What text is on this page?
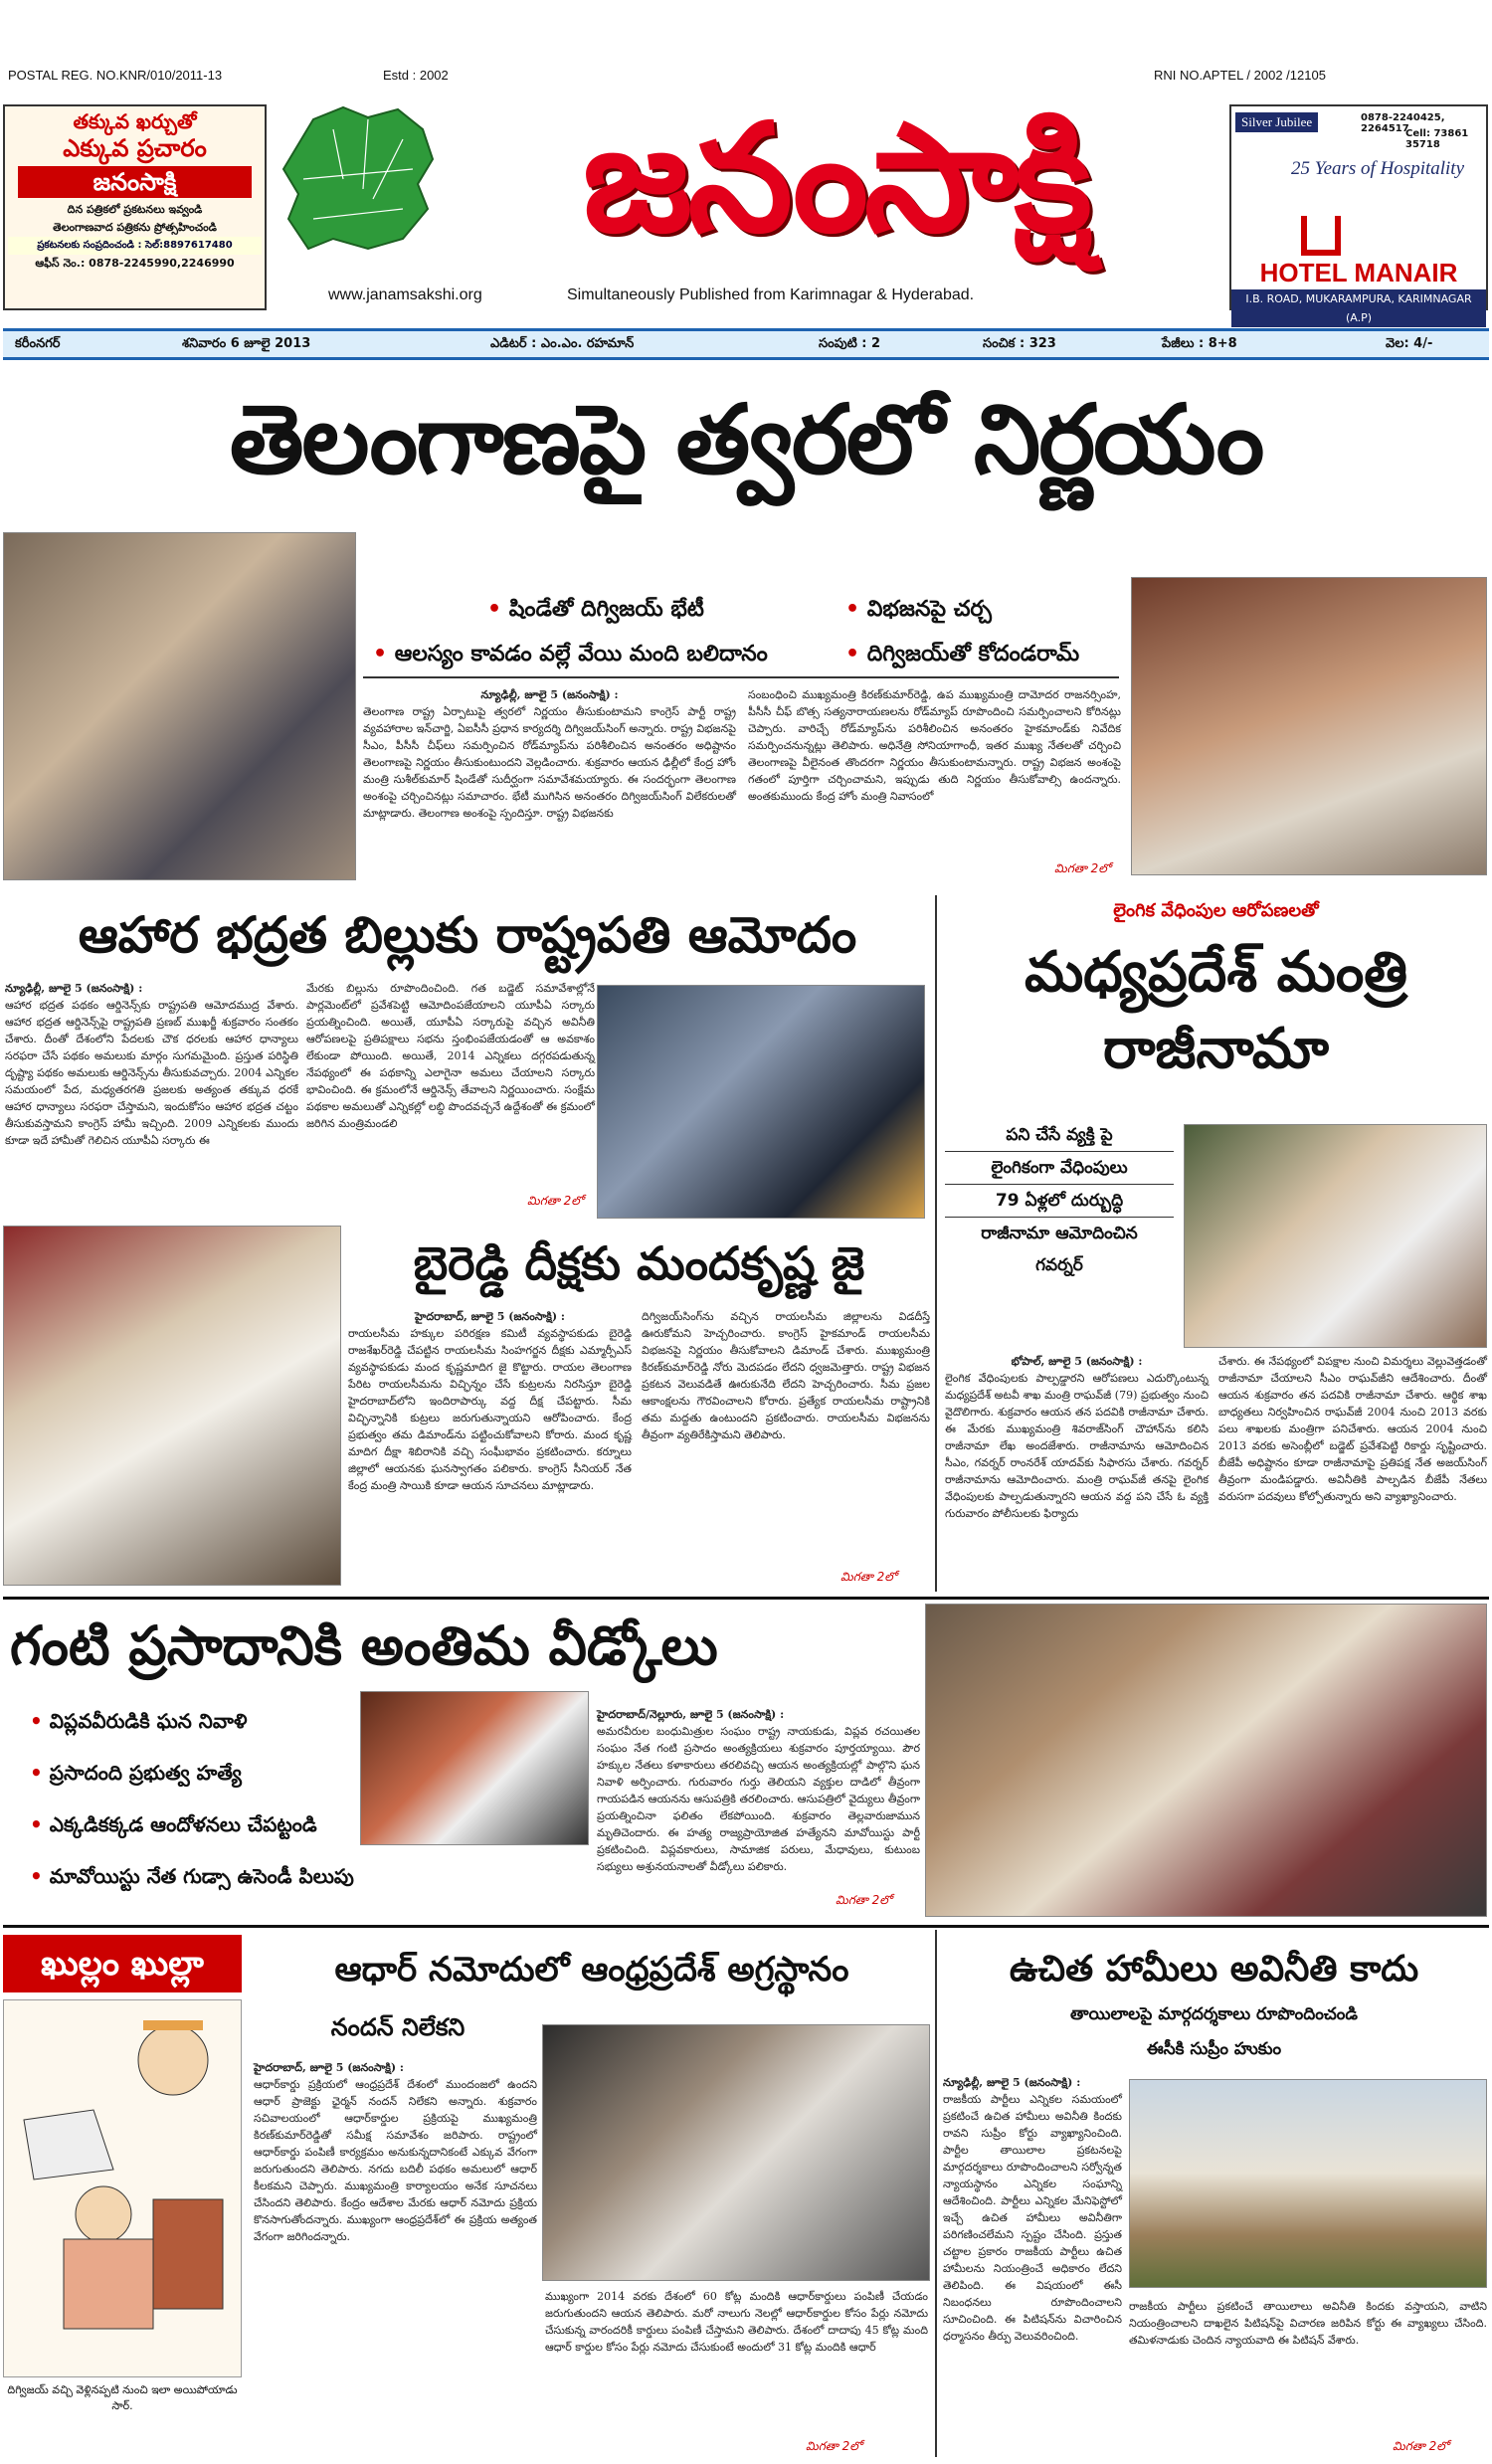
POSTAL REG. NO.KNR/010/2011-13	Estd : 2002	RNI NO.APTEL / 2002 /12105
తక్కువ ఖర్చుతో
ఎక్కువ ప్రచారం
జనంసాక్షి
దిన పత్రికలో ప్రకటనలు ఇవ్వండి
తెలంగాణవాద పత్రికను ప్రోత్సహించండి
ప్రకటనలకు సంప్రదించండి : సెల్:8897617480
ఆఫీస్ నెం.: 0878-2245990,2246990	జనంసాక్షి
www.janamsakshi.org	Simultaneously Published from Karimnagar & Hyderabad.
Silver Jubilee	0878-2240425, 2264517
Cell: 73861 35718
25 Years of Hospitality
HOTEL MANAIR
I.B. ROAD, MUKARAMPURA, KARIMNAGAR (A.P)
కరీంనగర్	శనివారం 6 జూలై 2013	ఎడిటర్ : ఎం.ఎం. రహమాన్	సంపుటి : 2	సంచిక : 323	పేజీలు : 8+8	వెల: 4/-
తెలంగాణపై త్వరలో నిర్ణయం
• షిండేతో దిగ్విజయ్ భేటీ	• విభజనపై చర్చ
• ఆలస్యం కావడం వల్లే వేయి మంది బలిదానం	• దిగ్విజయ్‌తో కోదండరామ్
న్యూఢిల్లీ, జూలై 5 (జనంసాక్షి) :
తెలంగాణ రాష్ట్ర ఏర్పాటుపై త్వరలో నిర్ణయం తీసుకుంటామని కాంగ్రెస్ పార్టీ రాష్ట్ర వ్యవహారాల ఇన్‌చార్జి, ఏఐసీసీ ప్రధాన కార్యదర్శి దిగ్విజయ్‌సింగ్ అన్నారు. రాష్ట్ర విభజనపై సీఎం, పీసీసీ చీఫ్‌లు సమర్పించిన రోడ్‌మ్యాప్‌ను పరిశీలించిన అనంతరం అధిష్టానం తెలంగాణపై నిర్ణయం తీసుకుంటుందని వెల్లడించారు. శుక్రవారం ఆయన ఢిల్లీలో కేంద్ర హోం మంత్రి సుశీల్‌కుమార్ షిండేతో సుదీర్ఘంగా సమావేశమయ్యారు. ఈ సందర్భంగా తెలంగాణ అంశంపై చర్చించినట్లు సమాచారం. భేటీ ముగిసిన అనంతరం దిగ్విజయ్‌సింగ్ విలేకరులతో మాట్లాడారు. తెలంగాణ అంశంపై స్పందిస్తూ. రాష్ట్ర విభజనకు
సంబంధించి ముఖ్యమంత్రి కిరణ్‌కుమార్‌రెడ్డి, ఉప ముఖ్యమంత్రి దామోదర రాజనర్సింహ, పీసీసీ చీఫ్ బొత్స సత్యనారాయణలను రోడ్‌మ్యాప్ రూపొందించి సమర్పించాలని కోరినట్లు చెప్పారు. వారిచ్చే రోడ్‌మ్యాప్‌ను పరిశీలించిన అనంతరం హైకమాండ్‌కు నివేదిక సమర్పించనున్నట్లు తెలిపారు. అధినేత్రి సోనియాగాంధీ, ఇతర ముఖ్య నేతలతో చర్చించి తెలంగాణపై వీలైనంత తొందరగా నిర్ణయం తీసుకుంటామన్నారు. రాష్ట్ర విభజన అంశంపై గతంలో పూర్తిగా చర్చించామని, ఇప్పుడు తుది నిర్ణయం తీసుకోవాల్సి ఉందన్నారు. అంతకుముందు కేంద్ర హోం మంత్రి నివాసంలో
మిగతా 2లో
ఆహార భద్రత బిల్లుకు రాష్ట్రపతి ఆమోదం
న్యూఢిల్లీ, జూలై 5 (జనంసాక్షి) :
ఆహార భద్రత పథకం ఆర్డినెన్స్‌కు రాష్ట్రపతి ఆమోదముద్ర వేశారు. ఆహార భద్రత ఆర్డినెన్స్‌పై రాష్ట్రపతి ప్రణబ్ ముఖర్జీ శుక్రవారం సంతకం చేశారు. దీంతో దేశంలోని పేదలకు చౌక ధరలకు ఆహార ధాన్యాలు సరఫరా చేసే పథకం అమలుకు మార్గం సుగమమైంది. ప్రస్తుత పరిస్థితి దృష్ట్యా పథకం అమలుకు ఆర్డినెన్స్‌ను తీసుకువచ్చారు. 2004 ఎన్నికల సమయంలో పేద, మధ్యతరగతి ప్రజలకు అత్యంత తక్కువ ధరకే ఆహార ధాన్యాలు సరఫరా చేస్తామని, ఇందుకోసం ఆహార భద్రత చట్టం తీసుకువస్తామని కాంగ్రెస్ హామీ ఇచ్చింది. 2009 ఎన్నికలకు ముందు కూడా ఇదే హామీతో గెలిచిన యూపీఏ సర్కారు ఈ
మేరకు బిల్లును రూపొందించింది. గత బడ్జెట్ సమావేశాల్లోనే పార్లమెంట్‌లో ప్రవేశపెట్టి ఆమోదింపజేయాలని యూపీఏ సర్కారు ప్రయత్నించింది. అయితే, యూపీఏ సర్కారుపై వచ్చిన అవినీతి ఆరోపణలపై ప్రతిపక్షాలు సభను స్తంభింపజేయడంతో ఆ అవకాశం లేకుండా పోయింది. అయితే, 2014 ఎన్నికలు దగ్గరపడుతున్న నేపథ్యంలో ఈ పథకాన్ని ఎలాగైనా అమలు చేయాలని సర్కారు భావించింది. ఈ క్రమంలోనే ఆర్డినెన్స్ తేవాలని నిర్ణయించారు. సంక్షేమ పథకాల అమలుతో ఎన్నికల్లో లబ్ధి పొందవచ్చనే ఉద్దేశంతో ఈ క్రమంలో జరిగిన మంత్రిమండలి
మిగతా 2లో
లైంగిక వేధింపుల ఆరోపణలతో
మధ్యప్రదేశ్ మంత్రి
రాజీనామా
పని చేసే వ్యక్తి పై
లైంగికంగా వేధింపులు
79 ఏళ్లలో దుర్బుద్ధి
రాజీనామా ఆమోదించిన
గవర్నర్
భోపాల్, జూలై 5 (జనంసాక్షి) :
లైంగిక వేధింపులకు పాల్పడ్డారని ఆరోపణలు ఎదుర్కొంటున్న మధ్యప్రదేశ్ అటవీ శాఖ మంత్రి రాఘవ్‌జీ (79) ప్రభుత్వం నుంచి వైదొలిగారు. శుక్రవారం ఆయన తన పదవికి రాజీనామా చేశారు. ఈ మేరకు ముఖ్యమంత్రి శివరాజ్‌సింగ్ చౌహాన్‌ను కలిసి రాజీనామా లేఖ అందజేశారు. రాజీనామాను ఆమోదించిన సీఎం, గవర్నర్ రాంనరేశ్ యాదవ్‌కు సిఫారసు చేశారు. గవర్నర్ రాజీనామాను ఆమోదించారు. మంత్రి రాఘవ్‌జీ తనపై లైంగిక వేధింపులకు పాల్పడుతున్నారని ఆయన వద్ద పని చేసే ఓ వ్యక్తి గురువారం పోలీసులకు ఫిర్యాదు
చేశారు. ఈ నేపథ్యంలో విపక్షాల నుంచి విమర్శలు వెల్లువెత్తడంతో రాజీనామా చేయాలని సీఎం రాఘవ్‌జీని ఆదేశించారు. దీంతో ఆయన శుక్రవారం తన పదవికి రాజీనామా చేశారు. ఆర్థిక శాఖ బాధ్యతలు నిర్వహించిన రాఘవ్‌జీ 2004 నుంచి 2013 వరకు పలు శాఖలకు మంత్రిగా పనిచేశారు. ఆయన 2004 నుంచి 2013 వరకు అసెంబ్లీలో బడ్జెట్ ప్రవేశపెట్టి రికార్డు సృష్టించారు. బీజేపీ అధిష్టానం కూడా రాజీనామాపై ప్రతిపక్ష నేత అజయ్‌సింగ్ తీవ్రంగా మండిపడ్డారు. అవినీతికి పాల్పడిన బీజేపీ నేతలు వరుసగా పదవులు కోల్పోతున్నారు అని వ్యాఖ్యానించారు.
బైరెడ్డి దీక్షకు మందకృష్ణ జై
హైదరాబాద్, జూలై 5 (జనంసాక్షి) :
రాయలసీమ హక్కుల పరిరక్షణ కమిటీ వ్యవస్థాపకుడు బైరెడ్డి రాజశేఖర్‌రెడ్డి చేపట్టిన రాయలసీమ సింహగర్జన దీక్షకు ఎమ్మార్పీఎస్ వ్యవస్థాపకుడు మంద కృష్ణమాదిగ జై కొట్టారు. రాయల తెలంగాణ పేరిట రాయలసీమను విచ్ఛిన్నం చేసే కుట్రలను నిరసిస్తూ బైరెడ్డి హైదరాబాద్‌లోని ఇందిరాపార్కు వద్ద దీక్ష చేపట్టారు. సీమ విచ్ఛిన్నానికి కుట్రలు జరుగుతున్నాయని ఆరోపించారు. కేంద్ర ప్రభుత్వం తమ డిమాండ్‌ను పట్టించుకోవాలని కోరారు. మంద కృష్ణ మాదిగ దీక్షా శిబిరానికి వచ్చి సంఘీభావం ప్రకటించారు. కర్నూలు జిల్లాలో ఆయనకు ఘనస్వాగతం పలికారు. కాంగ్రెస్ సీనియర్ నేత కేంద్ర మంత్రి సాయికి కూడా ఆయన సూచనలు మాట్లాడారు.
దిగ్విజయ్‌సింగ్‌ను వచ్చిన రాయలసీమ జిల్లాలను విడదీస్తే ఊరుకోమని హెచ్చరించారు. కాంగ్రెస్ హైకమాండ్ రాయలసీమ విభజనపై నిర్ణయం తీసుకోవాలని డిమాండ్ చేశారు. ముఖ్యమంత్రి కిరణ్‌కుమార్‌రెడ్డి నోరు మెదపడం లేదని ధ్వజమెత్తారు. రాష్ట్ర విభజన ప్రకటన వెలువడితే ఊరుకునేది లేదని హెచ్చరించారు. సీమ ప్రజల ఆకాంక్షలను గౌరవించాలని కోరారు. ప్రత్యేక రాయలసీమ రాష్ట్రానికి తమ మద్దతు ఉంటుందని ప్రకటించారు. రాయలసీమ విభజనను తీవ్రంగా వ్యతిరేకిస్తామని తెలిపారు.
మిగతా 2లో
గంటి ప్రసాదానికి అంతిమ వీడ్కోలు
• విప్లవవీరుడికి ఘన నివాళి
• ప్రసాదంది ప్రభుత్వ హత్యే
• ఎక్కడికక్కడ ఆందోళనలు చేపట్టండి
• మావోయిస్టు నేత గుడ్సా ఉసెండీ పిలుపు
హైదరాబాద్/నెల్లూరు, జూలై 5 (జనంసాక్షి) :
అమరవీరుల బంధుమిత్రుల సంఘం రాష్ట్ర నాయకుడు, విప్లవ రచయితల సంఘం నేత గంటి ప్రసాదం అంత్యక్రియలు శుక్రవారం పూర్తయ్యాయి. పౌర హక్కుల నేతలు కళాకారులు తరలివచ్చి ఆయన అంత్యక్రియల్లో పాల్గొని ఘన నివాళి అర్పించారు. గురువారం గుర్తు తెలియని వ్యక్తుల దాడిలో తీవ్రంగా గాయపడిన ఆయనను ఆసుపత్రికి తరలించారు. ఆసుపత్రిలో వైద్యులు తీవ్రంగా ప్రయత్నించినా ఫలితం లేకపోయింది. శుక్రవారం తెల్లవారుజామున మృతిచెందారు. ఈ హత్య రాజ్యప్రాయోజిత హత్యేనని మావోయిస్టు పార్టీ ప్రకటించింది. విప్లవకారులు, సామాజిక పరులు, మేధావులు, కుటుంబ సభ్యులు అశ్రునయనాలతో వీడ్కోలు పలికారు.
మిగతా 2లో
ఖుల్లం ఖుల్లా
దిగ్విజయ్ వచ్చి వెళ్లినప్పటి నుంచి ఇలా అయిపోయాడు సార్.
ఆధార్ నమోదులో ఆంధ్రప్రదేశ్ అగ్రస్థానం
నందన్ నిలేకని
హైదరాబాద్, జూలై 5 (జనంసాక్షి) :
ఆధార్‌కార్డు ప్రక్రియలో ఆంధ్రప్రదేశ్ దేశంలో ముందంజలో ఉందని ఆధార్ ప్రాజెక్టు ఛైర్మన్ నందన్ నిలేకని అన్నారు. శుక్రవారం సచివాలయంలో ఆధార్‌కార్డుల ప్రక్రియపై ముఖ్యమంత్రి కిరణ్‌కుమార్‌రెడ్డితో సమీక్ష సమావేశం జరిపారు. రాష్ట్రంలో ఆధార్‌కార్డు పంపిణీ కార్యక్రమం అనుకున్నదానికంటే ఎక్కువ వేగంగా జరుగుతుందని తెలిపారు. నగదు బదిలీ పథకం అమలులో ఆధార్ కీలకమని చెప్పారు. ముఖ్యమంత్రి కార్యాలయం అనేక సూచనలు చేసిందని తెలిపారు. కేంద్రం ఆదేశాల మేరకు ఆధార్ నమోదు ప్రక్రియ కొనసాగుతోందన్నారు. ముఖ్యంగా ఆంధ్రప్రదేశ్‌లో ఈ ప్రక్రియ అత్యంత వేగంగా జరిగిందన్నారు.
ముఖ్యంగా 2014 వరకు దేశంలో 60 కోట్ల మందికి ఆధార్‌కార్డులు పంపిణీ చేయడం జరుగుతుందని ఆయన తెలిపారు. మరో నాలుగు నెలల్లో ఆధార్‌కార్డుల కోసం పేర్లు నమోదు చేసుకున్న వారందరికీ కార్డులు పంపిణీ చేస్తామని తెలిపారు. దేశంలో దాదాపు 45 కోట్ల మంది ఆధార్ కార్డుల కోసం పేర్లు నమోదు చేసుకుంటే అందులో 31 కోట్ల మందికి ఆధార్
మిగతా 2లో
ఉచిత హామీలు అవినీతి కాదు
తాయిలాలపై మార్గదర్శకాలు రూపొందించండి
ఈసీకి సుప్రీం హుకుం
న్యూఢిల్లీ, జూలై 5 (జనంసాక్షి) :
రాజకీయ పార్టీలు ఎన్నికల సమయంలో ప్రకటించే ఉచిత హామీలు అవినీతి కిందకు రావని సుప్రీం కోర్టు వ్యాఖ్యానించింది. పార్టీల తాయిలాల ప్రకటనలపై మార్గదర్శకాలు రూపొందించాలని సర్వోన్నత న్యాయస్థానం ఎన్నికల సంఘాన్ని ఆదేశించింది. పార్టీలు ఎన్నికల మేనిఫెస్టోలో ఇచ్చే ఉచిత హామీలు అవినీతిగా పరిగణించలేమని స్పష్టం చేసింది. ప్రస్తుత చట్టాల ప్రకారం రాజకీయ పార్టీలు ఉచిత హామీలను నియంత్రించే అధికారం లేదని తెలిపింది. ఈ విషయంలో ఈసీ నిబంధనలు రూపొందించాలని సూచించింది. ఈ పిటిషన్‌ను విచారించిన ధర్మాసనం తీర్పు వెలువరించింది.
రాజకీయ పార్టీలు ప్రకటించే తాయిలాలు అవినీతి కిందకు వస్తాయని, వాటిని నియంత్రించాలని దాఖలైన పిటిషన్‌పై విచారణ జరిపిన కోర్టు ఈ వ్యాఖ్యలు చేసింది. తమిళనాడుకు చెందిన న్యాయవాది ఈ పిటిషన్ వేశారు.
మిగతా 2లో
